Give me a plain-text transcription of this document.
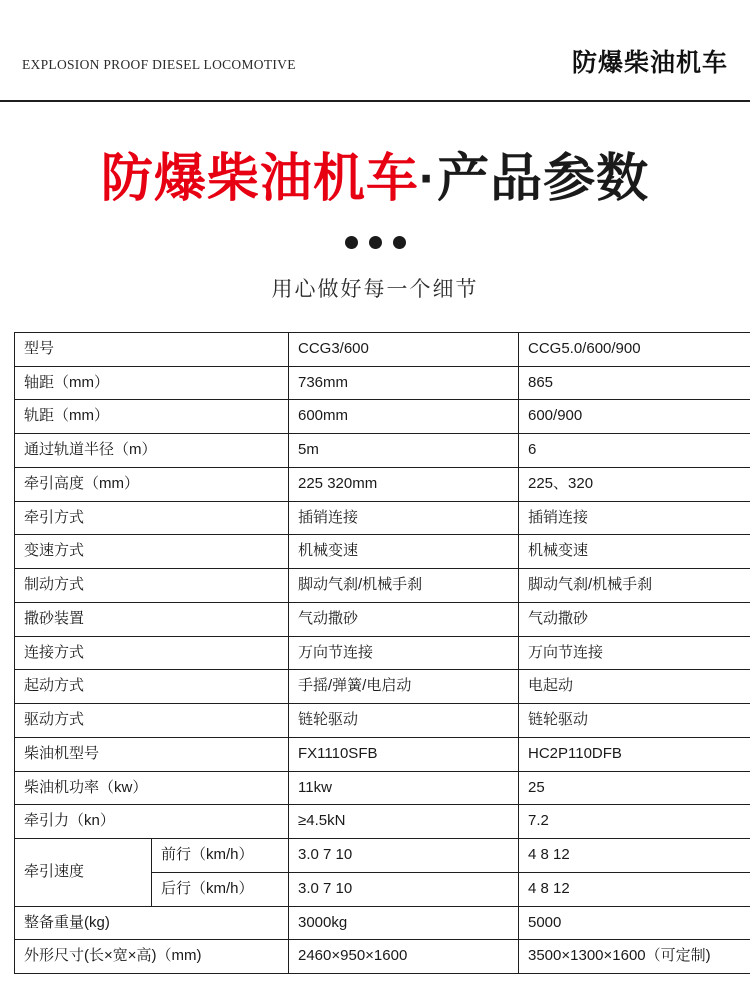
EXPLOSION PROOF DIESEL LOCOMOTIVE	防爆柴油机车
防爆柴油机车·产品参数
用心做好每一个细节
型号		CCG3/600	CCG5.0/600/900
轴距（mm）		736mm	865
轨距（mm）		600mm	600/900
通过轨道半径（m）		5m	6
牵引高度（mm）		225 320mm	225、320
牵引方式		插销连接	插销连接
变速方式		机械变速	机械变速
制动方式		脚动气刹/机械手刹	脚动气刹/机械手刹
撒砂装置		气动撒砂	气动撒砂
连接方式		万向节连接	万向节连接
起动方式		手摇/弹簧/电启动	电起动
驱动方式		链轮驱动	链轮驱动
柴油机型号		FX1110SFB	HC2P110DFB
柴油机功率（kw）		11kw	25
牵引力（kn）		≥4.5kN	7.2
牵引速度	前行（km/h）	3.0 7 10	4 8 12
	后行（km/h）	3.0 7 10	4 8 12
整备重量(kg)		3000kg	5000
外形尺寸(长×宽×高)（mm)		2460×950×1600	3500×1300×1600（可定制)
